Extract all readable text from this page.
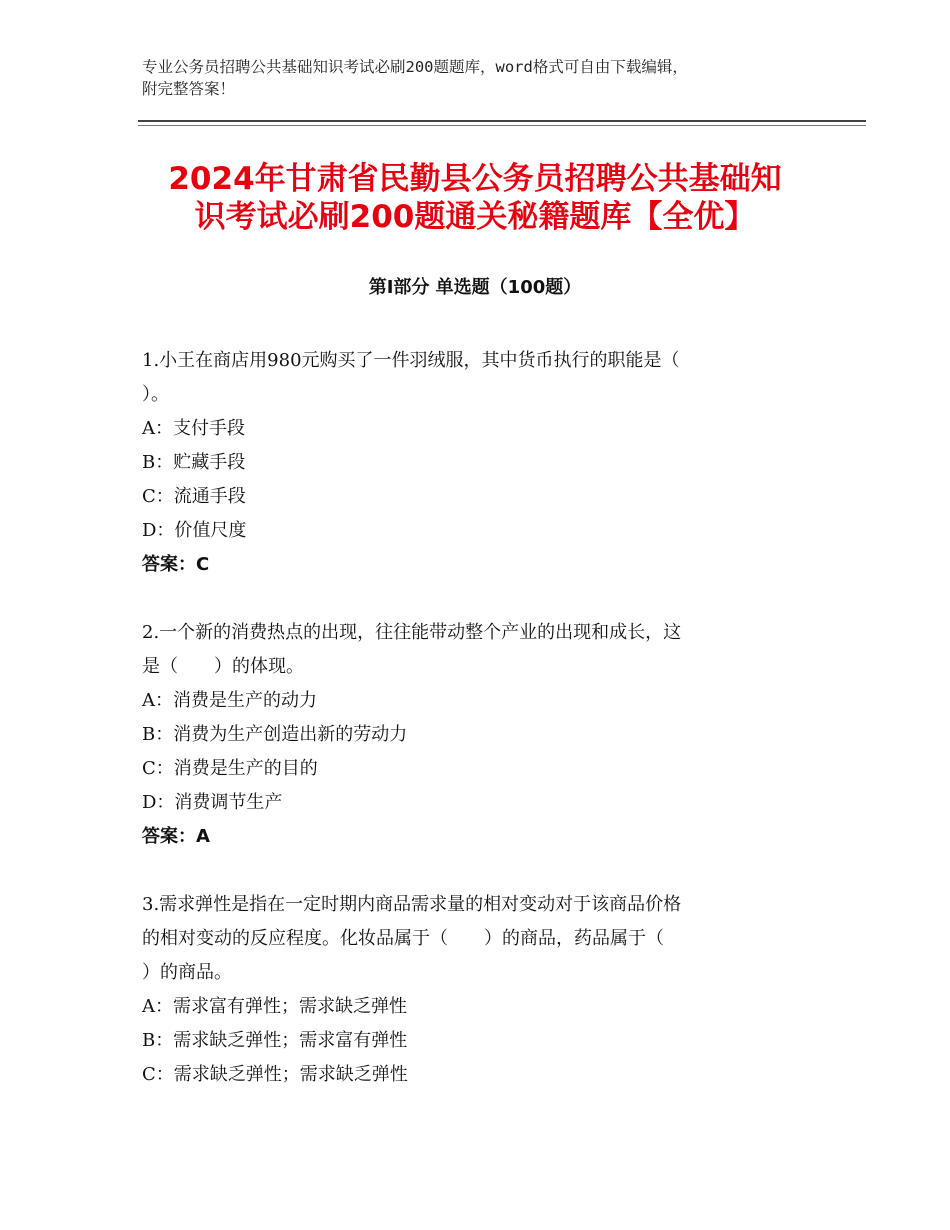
专业公务员招聘公共基础知识考试必刷200题题库，word格式可自由下载编辑，
附完整答案！
2024年甘肃省民勤县公务员招聘公共基础知
识考试必刷200题通关秘籍题库【全优】
第Ⅰ部分 单选题（100题）

1.小王在商店用980元购买了一件羽绒服，其中货币执行的职能是（

）。

A：支付手段

B：贮藏手段

C：流通手段

D：价值尺度

答案：C

2.一个新的消费热点的出现，往往能带动整个产业的出现和成长，这

是（　　）的体现。

A：消费是生产的动力

B：消费为生产创造出新的劳动力

C：消费是生产的目的

D：消费调节生产

答案：A

3.需求弹性是指在一定时期内商品需求量的相对变动对于该商品价格

的相对变动的反应程度。化妆品属于（　　）的商品，药品属于（

）的商品。

A：需求富有弹性；需求缺乏弹性

B：需求缺乏弹性；需求富有弹性

C：需求缺乏弹性；需求缺乏弹性
